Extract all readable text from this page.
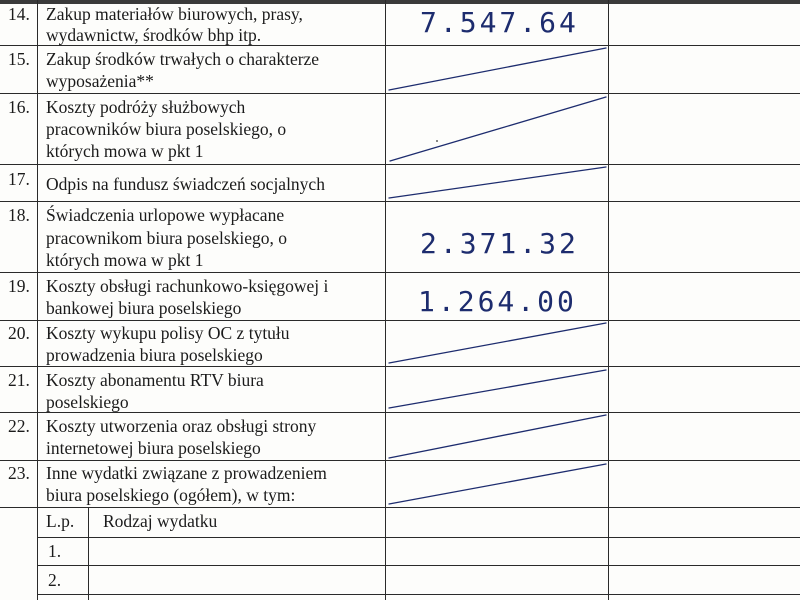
14. Zakup materiałów biurowych, prasy,
wydawnictw, środków bhp itp.	7.547.64
15. Zakup środków trwałych o charakterze
wyposażenia**
16. Koszty podróży służbowych
pracowników biura poselskiego, o
których mowa w pkt 1
17. Odpis na fundusz świadczeń socjalnych
18. Świadczenia urlopowe wypłacane
pracownikom biura poselskiego, o
których mowa w pkt 1	2.371.32
19. Koszty obsługi rachunkowo-księgowej i
bankowej biura poselskiego	1.264.00
20. Koszty wykupu polisy OC z tytułu
prowadzenia biura poselskiego
21. Koszty abonamentu RTV biura
poselskiego
22. Koszty utworzenia oraz obsługi strony
internetowej biura poselskiego
23. Inne wydatki związane z prowadzeniem
biura poselskiego (ogółem), w tym:
L.p. Rodzaj wydatku
1.
2.
